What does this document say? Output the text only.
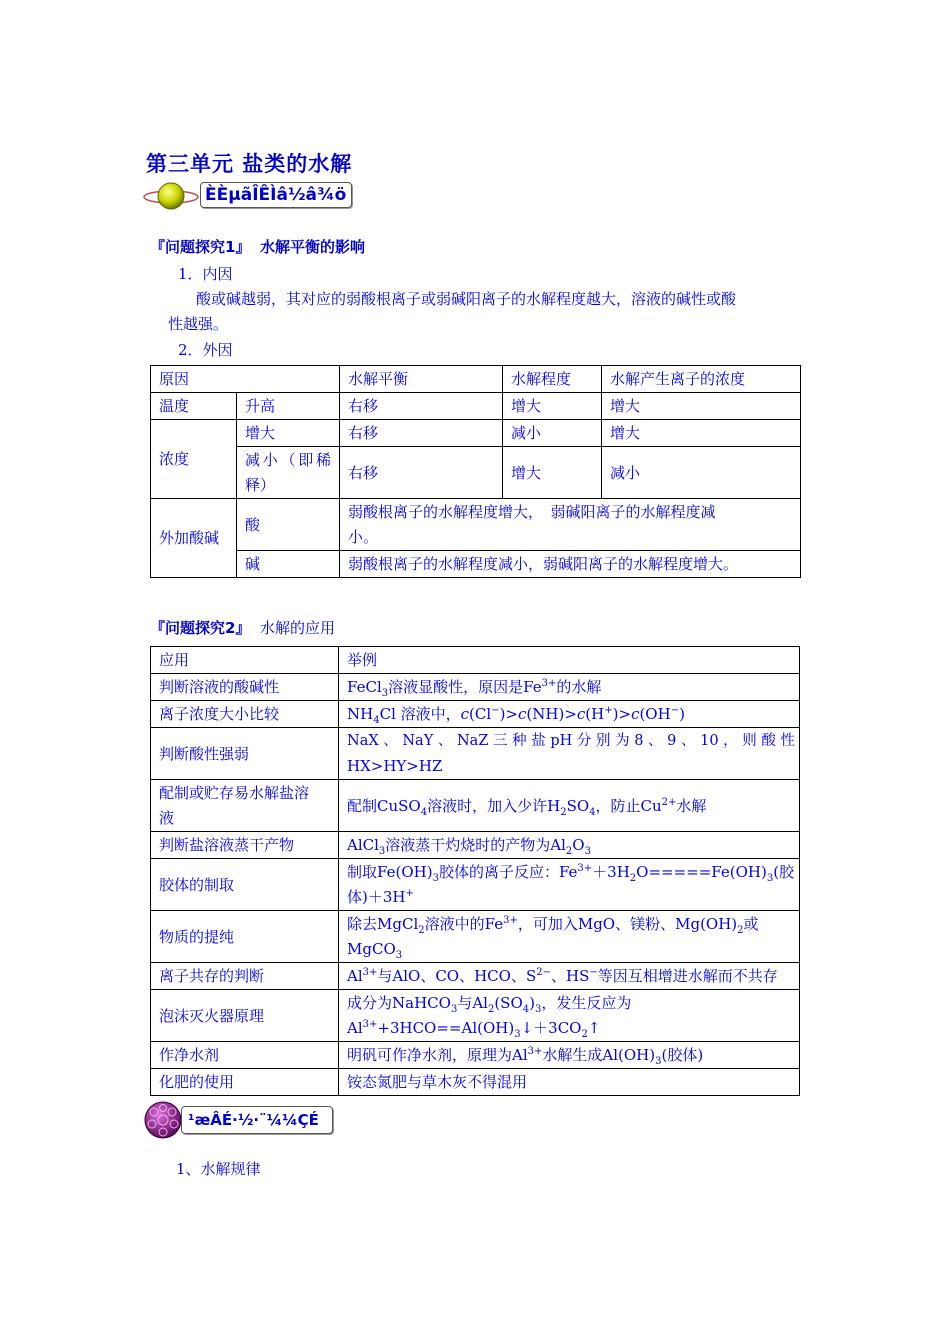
第三单元 盐类的水解
ÈÈµãÎÊÌâ½â¾ö
『问题探究1』 水解平衡的影响
1．内因
酸或碱越弱，其对应的弱酸根离子或弱碱阳离子的水解程度越大，溶液的碱性或酸
性越强。
2．外因
原因		水解平衡	水解程度	水解产生离子的浓度
温度	升高	右移	增大	增大
浓度	增大	右移	减小	增大
	减小（即稀释）	右移	增大	减小
外加酸碱	酸	弱酸根离子的水解程度增大，　弱碱阳离子的水解程度减
小。		

	碱	弱酸根离子的水解程度减小，弱碱阳离子的水解程度增大。		
『问题探究2』 水解的应用
应用	举例
判断溶液的酸碱性	FeCl$_3$溶液显酸性，原因是$Fe^{3+}$的水解
离子浓度大小比较	$NH_4Cl$ 溶液中，c(Cl−)>c(NH)>c(H+)>c(OH−)
判断酸性强弱	NaX 、 NaY 、 NaZ 三 种 盐 pH 分 别 为 8 、 9 、 10 ， 则 酸 性
HX>HY>HZ

配制或贮存易水解盐溶
液	配制CuSO$_4$溶液时，加入少许$H_2SO_4$，防止$Cu^{2+}$水解
判断盐溶液蒸干产物	AlCl$_3$溶液蒸干灼烧时的产物为$Al_2O_3$
胶体的制取	制取$Fe(OH)_3$胶体的离子反应：$Fe^{3+}+3H_2O=====Fe(OH)_3$(胶
体)＋3H+

物质的提纯	除去MgCl$_2$溶液中的$Fe^{3+}$，可加入MgO、镁粉、$Mg(OH)_2$或
MgCO$_3$

离子共存的判断	$Al^{3+}$与AlO、CO、HCO、$S^{2-}$、HS−等因互相增进水解而不共存
泡沫灭火器原理	成分为NaHCO$_3$与$Al_2(SO_4)_3$，发生反应为
$Al^{3+}+3HCO==Al(OH)_3↓+3CO_2↑$

作净水剂	明矾可作净水剂，原理为$Al^{3+}$水解生成$Al(OH)_3$(胶体)
化肥的使用	铵态氮肥与草木灰不得混用
¹æÂÉ·½·¨¼¼ÇÉ
1、水解规律
